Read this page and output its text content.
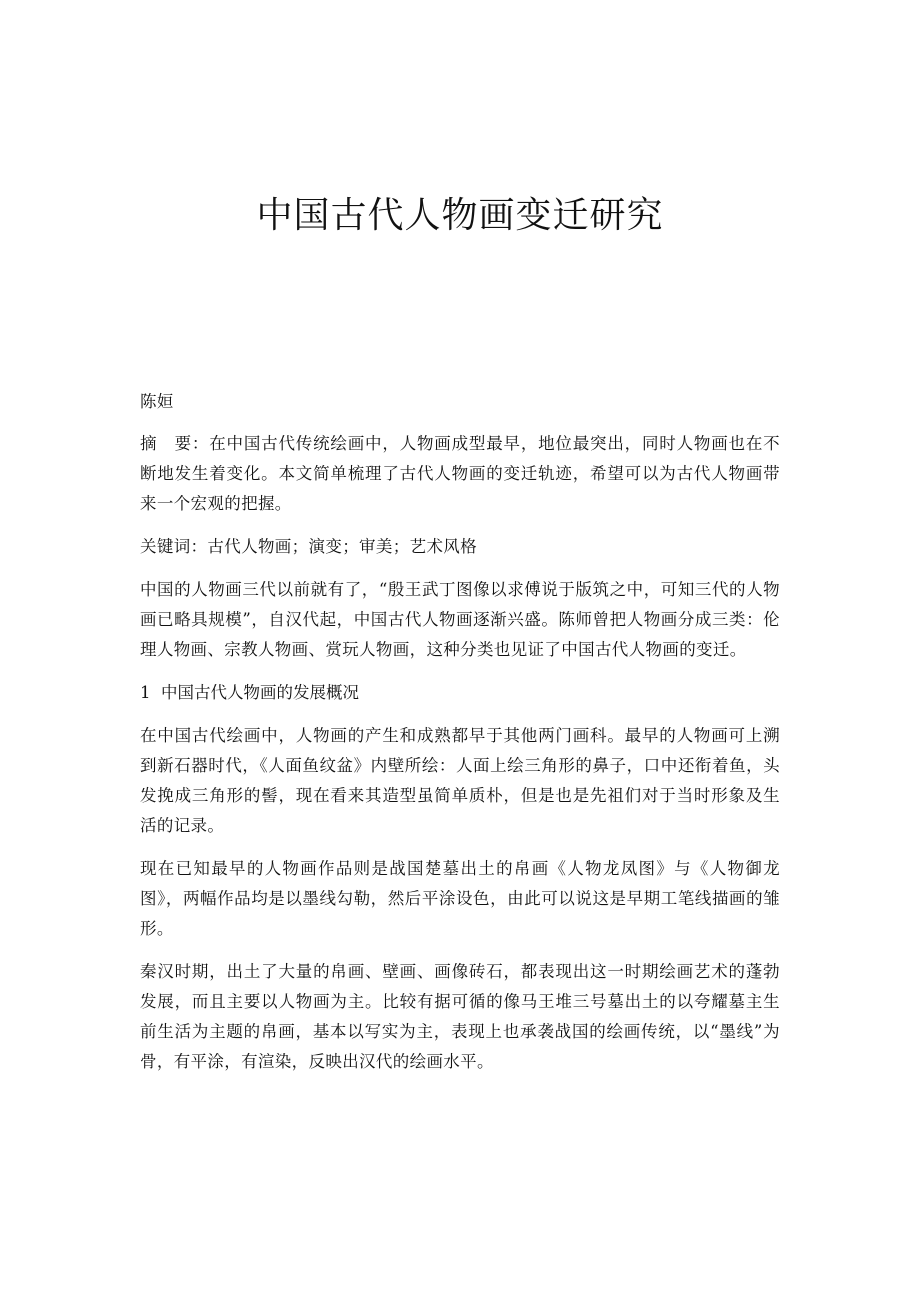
中国古代人物画变迁研究
陈姮
摘　要：在中国古代传统绘画中，人物画成型最早，地位最突出，同时人物画也在不断地发生着变化。本文简单梳理了古代人物画的变迁轨迹，希望可以为古代人物画带来一个宏观的把握。
关键词：古代人物画；演变；审美；艺术风格
中国的人物画三代以前就有了，“殷王武丁图像以求傅说于版筑之中，可知三代的人物画已略具规模”，自汉代起，中国古代人物画逐渐兴盛。陈师曾把人物画分成三类：伦理人物画、宗教人物画、赏玩人物画，这种分类也见证了中国古代人物画的变迁。
1  中国古代人物画的发展概况
在中国古代绘画中，人物画的产生和成熟都早于其他两门画科。最早的人物画可上溯到新石器时代，《人面鱼纹盆》内壁所绘：人面上绘三角形的鼻子，口中还衔着鱼，头发挽成三角形的髻，现在看来其造型虽简单质朴，但是也是先祖们对于当时形象及生活的记录。
现在已知最早的人物画作品则是战国楚墓出土的帛画《人物龙凤图》与《人物御龙图》，两幅作品均是以墨线勾勒，然后平涂设色，由此可以说这是早期工笔线描画的雏形。
秦汉时期，出土了大量的帛画、壁画、画像砖石，都表现出这一时期绘画艺术的蓬勃发展，而且主要以人物画为主。比较有据可循的像马王堆三号墓出土的以夸耀墓主生前生活为主题的帛画，基本以写实为主，表现上也承袭战国的绘画传统，以“墨线”为骨，有平涂，有渲染，反映出汉代的绘画水平。
